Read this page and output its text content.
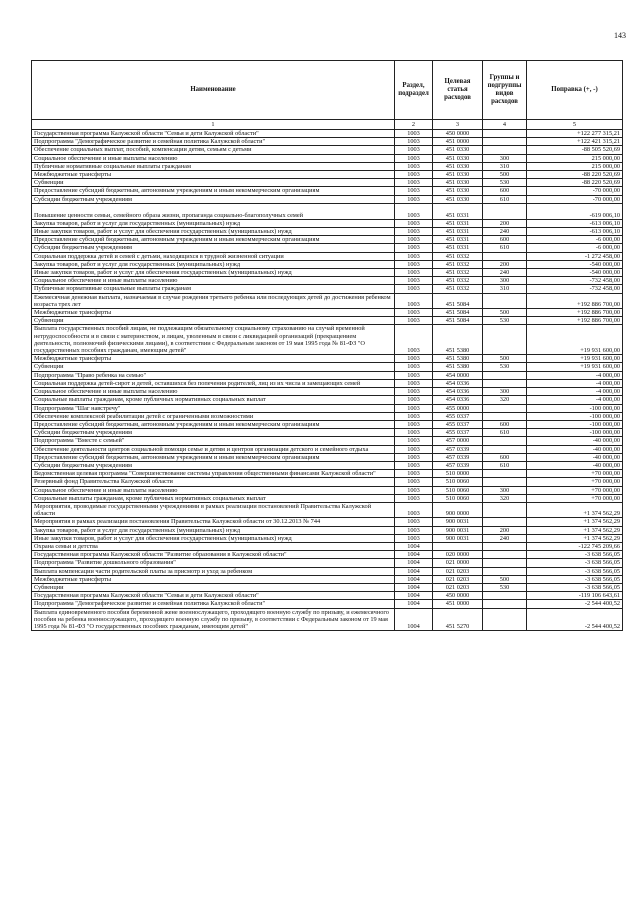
143
Наименование	Раздел, подраздел	Целевая статья расходов	Группы и подгруппы видов расходов	Поправка (+, -)
1	2	3	4	5
Государственная программа Калужской области "Семья и дети Калужской области"	1003	450 0000		+122 277 315,21
Подпрограмма "Демографическое развитие и семейная политика Калужской области"	1003	451 0000		+122 421 315,21
Обеспечение социальных выплат, пособий, компенсации детям, семьям с детьми	1003	451 0330		-88 505 520,69
Социальное обеспечение и иные выплаты населению	1003	451 0330	300	215 000,00
Публичные нормативные социальные выплаты гражданам	1003	451 0330	310	215 000,00
Межбюджетные трансферты	1003	451 0330	500	-88 220 520,69
Субвенции	1003	451 0330	530	-88 220 520,69
Предоставление субсидий бюджетным, автономным учреждениям и иным некоммерческим организациям	1003	451 0330	600	-70 000,00
Субсидии бюджетным учреждениям	1003	451 0330	610	-70 000,00
Повышение ценности семьи, семейного образа жизни, пропаганда социально-благополучных семей	1003	451 0331		-619 006,10
Закупка товаров, работ и услуг для государственных (муниципальных) нужд	1003	451 0331	200	-613 006,10
Иные закупки товаров, работ и услуг для обеспечения государственных (муниципальных) нужд	1003	451 0331	240	-613 006,10
Предоставление субсидий бюджетным, автономным учреждениям и иным некоммерческим организациям	1003	451 0331	600	-6 000,00
Субсидии бюджетным учреждениям	1003	451 0331	610	-6 000,00
Социальная поддержка детей и семей с детьми, находящихся в трудной жизненной ситуации	1003	451 0332		-1 272 458,00
Закупка товаров, работ и услуг для государственных (муниципальных) нужд	1003	451 0332	200	-540 000,00
Иные закупки товаров, работ и услуг для обеспечения государственных (муниципальных) нужд	1003	451 0332	240	-540 000,00
Социальное обеспечение и иные выплаты населению	1003	451 0332	300	-732 458,00
Публичные нормативные социальные выплаты гражданам	1003	451 0332	310	-732 458,00
Ежемесячная денежная выплата, назначаемая в случае рождения третьего ребенка или последующих детей до достижения ребенком возраста трех лет	1003	451 5084		+192 886 700,00
Межбюджетные трансферты	1003	451 5084	500	+192 886 700,00
Субвенции	1003	451 5084	530	+192 886 700,00
Выплата государственных пособий лицам, не подлежащим обязательному социальному страхованию на случай временной нетрудоспособности и в связи с материнством, и лицам, уволенным в связи с ликвидацией организаций (прекращением деятельности, полномочий физическими лицами), в соответствии с Федеральным законом от 19 мая 1995 года № 81-ФЗ "О государственных пособиях гражданам, имеющим детей"	1003	451 5380		+19 931 600,00
Межбюджетные трансферты	1003	451 5380	500	+19 931 600,00
Субвенции	1003	451 5380	530	+19 931 600,00
Подпрограмма "Право ребенка на семью"	1003	454 0000		-4 000,00
Социальная поддержка детей-сирот и детей, оставшихся без попечения родителей, лиц из их числа и замещающих семей	1003	454 0336		-4 000,00
Социальное обеспечение и иные выплаты населению	1003	454 0336	300	-4 000,00
Социальные выплаты гражданам, кроме публичных нормативных социальных выплат	1003	454 0336	320	-4 000,00
Подпрограмма "Шаг навстречу"	1003	455 0000		-100 000,00
Обеспечение комплексной реабилитации детей с ограниченными возможностями	1003	455 0337		-100 000,00
Предоставление субсидий бюджетным, автономным учреждениям и иным некоммерческим организациям	1003	455 0337	600	-100 000,00
Субсидии бюджетным учреждениям	1003	455 0337	610	-100 000,00
Подпрограмма "Вместе с семьей"	1003	457 0000		-40 000,00
Обеспечение деятельности центров социальной помощи семье и детям и центров организации детского и семейного отдыха	1003	457 0339		-40 000,00
Предоставление субсидий бюджетным, автономным учреждениям и иным некоммерческим организациям	1003	457 0339	600	-40 000,00
Субсидии бюджетным учреждениям	1003	457 0339	610	-40 000,00
Ведомственная целевая программа "Совершенствование системы управления общественными финансами Калужской области"	1003	510 0000		+70 000,00
Резервный фонд Правительства Калужской области	1003	510 0060		+70 000,00
Социальное обеспечение и иные выплаты населению	1003	510 0060	300	+70 000,00
Социальные выплаты гражданам, кроме публичных нормативных социальных выплат	1003	510 0060	320	+70 000,00
Мероприятия, проводимые государственными учреждениями в рамках реализации постановлений Правительства Калужской области	1003	900 0000		+1 374 562,29
Мероприятия в рамках реализации постановления Правительства Калужской области от 30.12.2013 № 744	1003	900 0031		+1 374 562,29
Закупка товаров, работ и услуг для государственных (муниципальных) нужд	1003	900 0031	200	+1 374 562,29
Иные закупки товаров, работ и услуг для обеспечения государственных (муниципальных) нужд	1003	900 0031	240	+1 374 562,29
Охрана семьи и детства	1004			-122 745 209,66
Государственная программа Калужской области "Развитие образования в Калужской области"	1004	020 0000		-3 638 566,05
Подпрограмма "Развитие дошкольного образования"	1004	021 0000		-3 638 566,05
Выплата компенсации части родительской платы за присмотр и уход за ребенком	1004	021 0203		-3 638 566,05
Межбюджетные трансферты	1004	021 0203	500	-3 638 566,05
Субвенции	1004	021 0203	530	-3 638 566,05
Государственная программа Калужской области "Семья и дети Калужской области"	1004	450 0000		-119 106 643,61
Подпрограмма "Демографическое развитие и семейная политика Калужской области"	1004	451 0000		-2 544 400,52
Выплата единовременного пособия беременной жене военнослужащего, проходящего военную службу по призыву, и ежемесячного пособия на ребенка военнослужащего, проходящего военную службу по призыву, в соответствии с Федеральным законом от 19 мая 1995 года № 81-ФЗ "О государственных пособиях гражданам, имеющим детей"	1004	451 5270		-2 544 400,52
